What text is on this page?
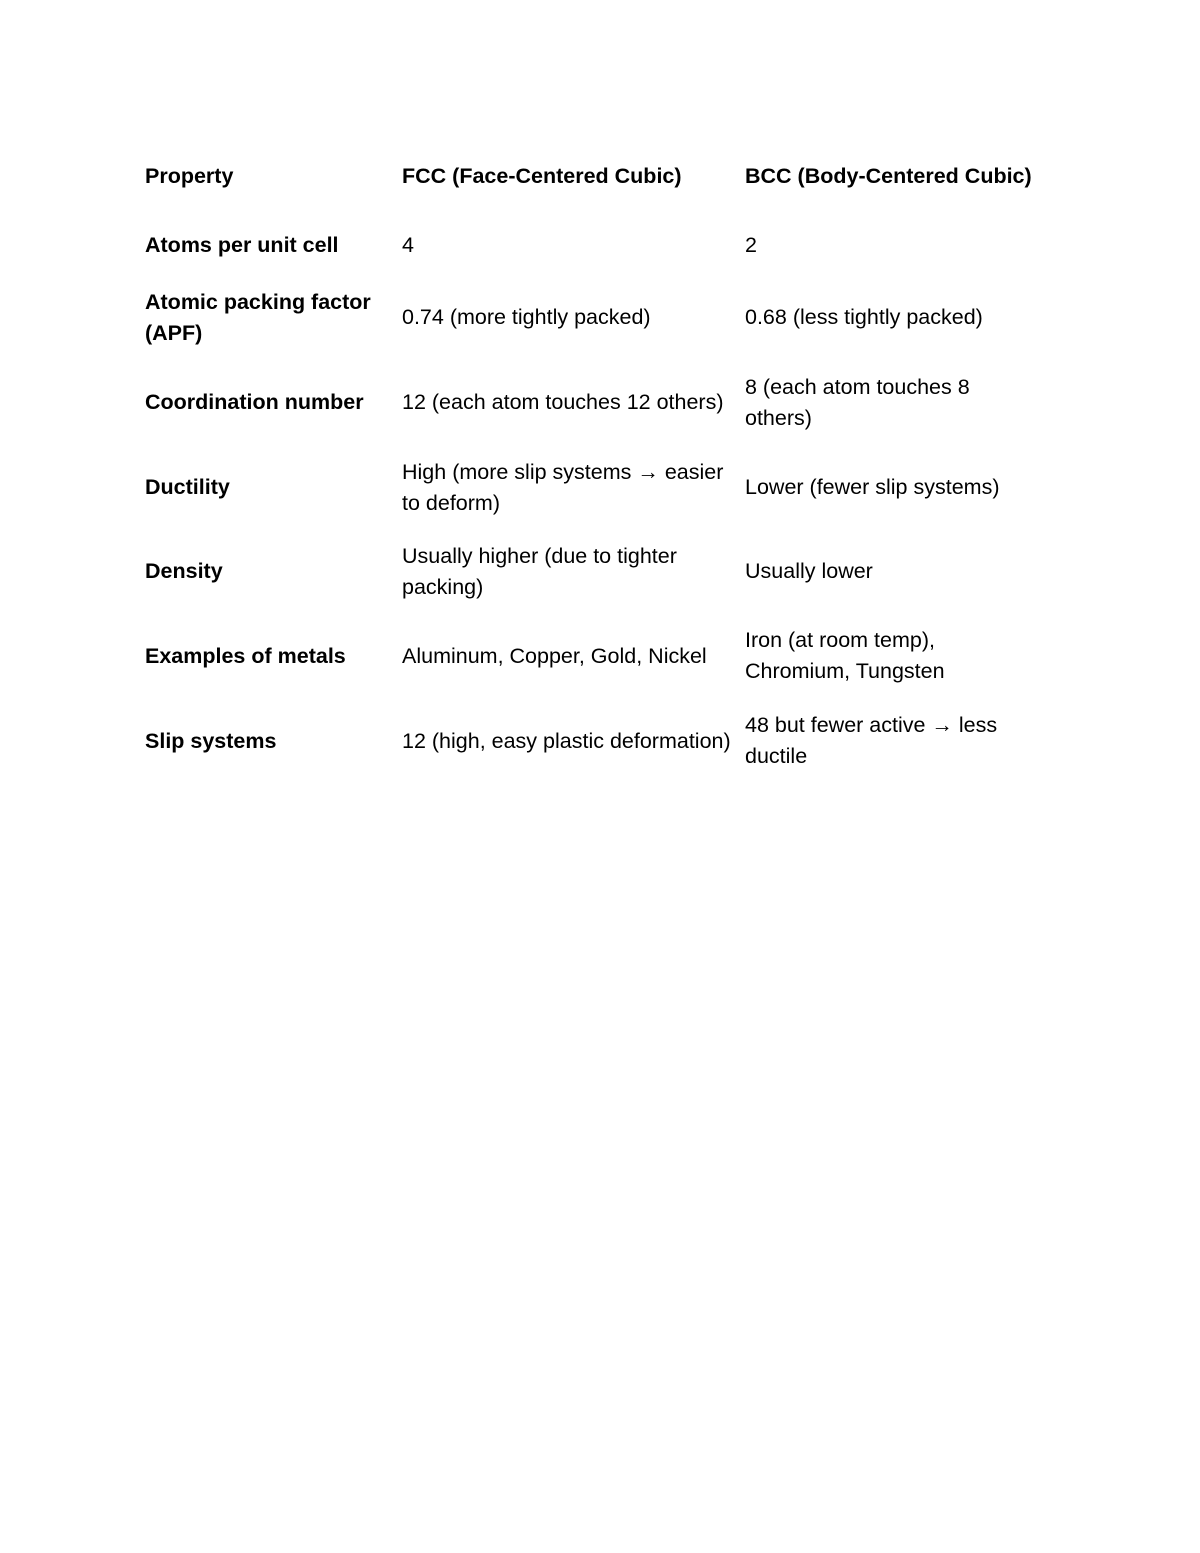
Property	FCC (Face-Centered Cubic)	BCC (Body-Centered Cubic)
Atoms per unit cell	4	2
Atomic packing factor (APF)	0.74 (more tightly packed)	0.68 (less tightly packed)
Coordination number	12 (each atom touches 12 others)	8 (each atom touches 8 others)
Ductility	High (more slip systems → easier to deform)	Lower (fewer slip systems)
Density	Usually higher (due to tighter packing)	Usually lower
Examples of metals	Aluminum, Copper, Gold, Nickel	Iron (at room temp), Chromium, Tungsten
Slip systems	12 (high, easy plastic deformation)	48 but fewer active → less ductile
